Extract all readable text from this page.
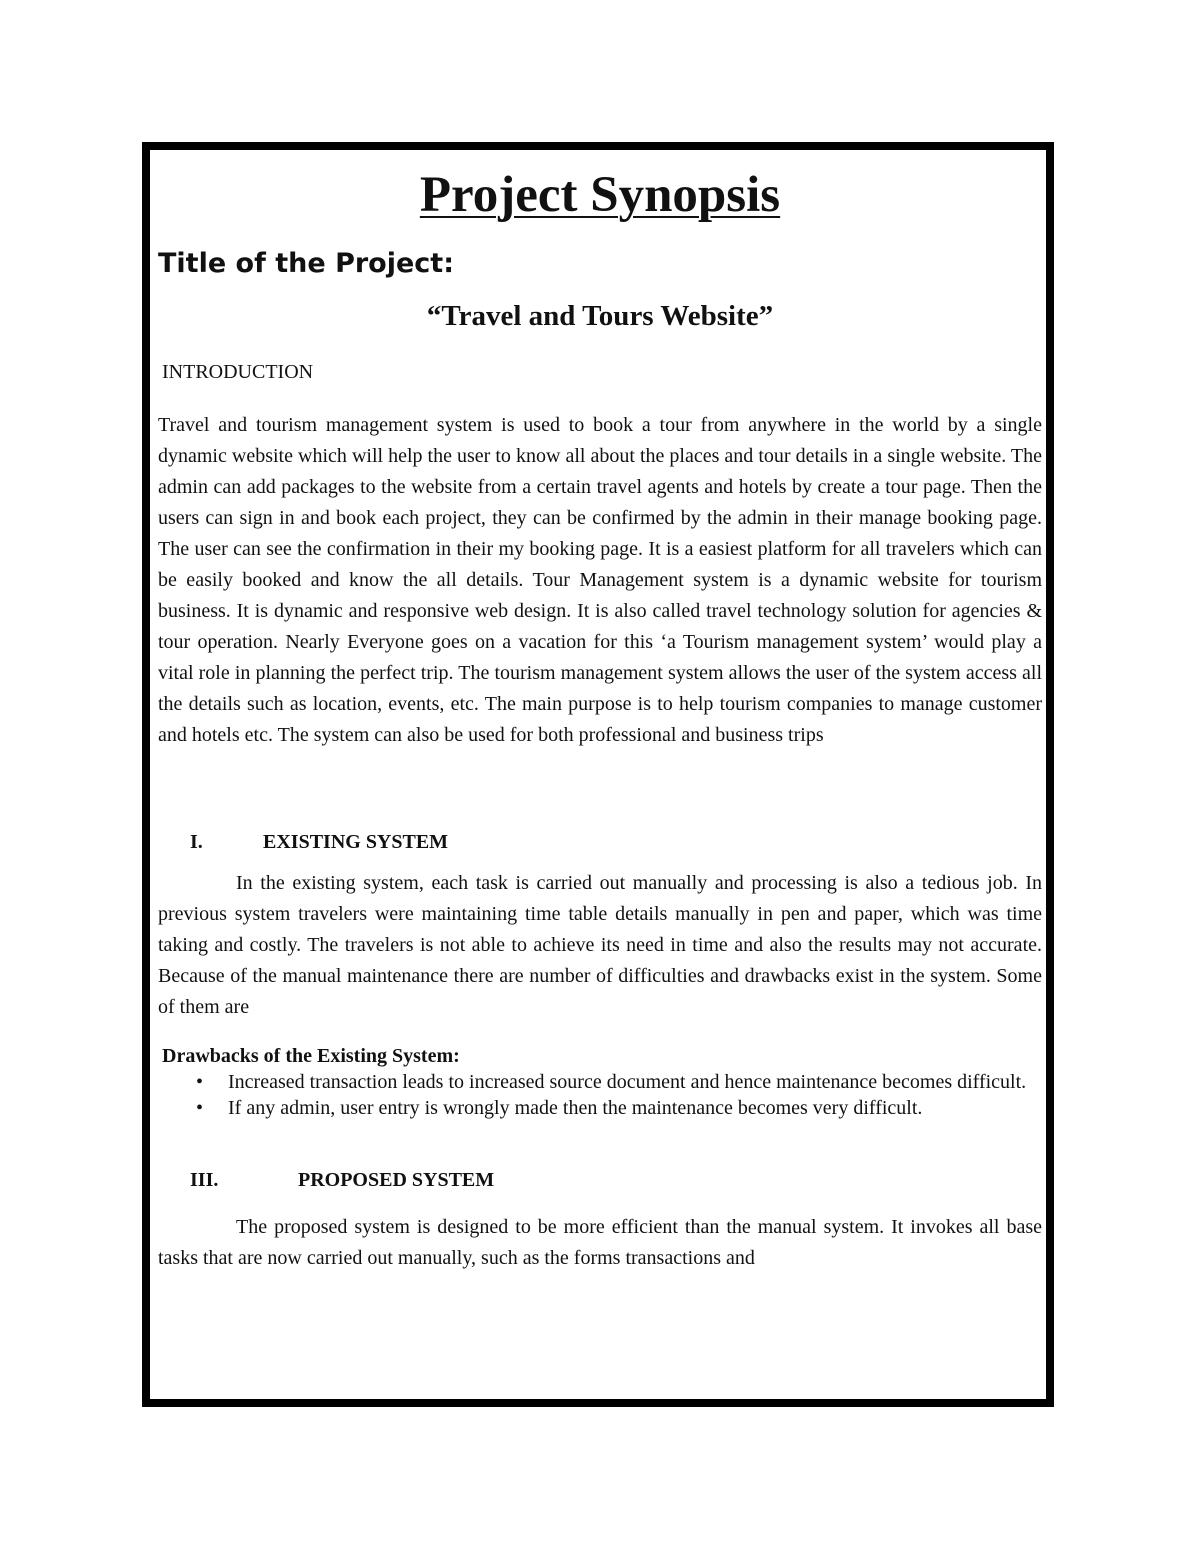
Project Synopsis
Title of the Project:
“Travel and Tours Website”
INTRODUCTION

Travel and tourism management system is used to book a tour from anywhere in the world by a single dynamic website which will help the user to know all about the places and tour details in a single website. The admin can add packages to the website from a certain travel agents and hotels by create a tour page. Then the users can sign in and book each project, they can be confirmed by the admin in their manage booking page. The user can see the confirmation in their my booking page. It is a easiest platform for all travelers which can be easily booked and know the all details. Tour Management system is a dynamic website for tourism business. It is dynamic and responsive web design. It is also called travel technology solution for agencies & tour operation. Nearly Everyone goes on a vacation for this ‘a Tourism management system’ would play a vital role in planning the perfect trip. The tourism management system allows the user of the system access all the details such as location, events, etc. The main purpose is to help tourism companies to manage customer and hotels etc. The system can also be used for both professional and business trips

I.	EXISTING SYSTEM

In the existing system, each task is carried out manually and processing is also a tedious job. In previous system travelers were maintaining time table details manually in pen and paper, which was time taking and costly. The travelers is not able to achieve its need in time and also the results may not accurate. Because of the manual maintenance there are number of difficulties and drawbacks exist in the system. Some of them are

Drawbacks of the Existing System:
•	Increased transaction leads to increased source document and hence maintenance becomes difficult.
•	If any admin, user entry is wrongly made then the maintenance becomes very difficult.
III.	PROPOSED SYSTEM

The proposed system is designed to be more efficient than the manual system. It invokes all base tasks that are now carried out manually, such as the forms transactions and
